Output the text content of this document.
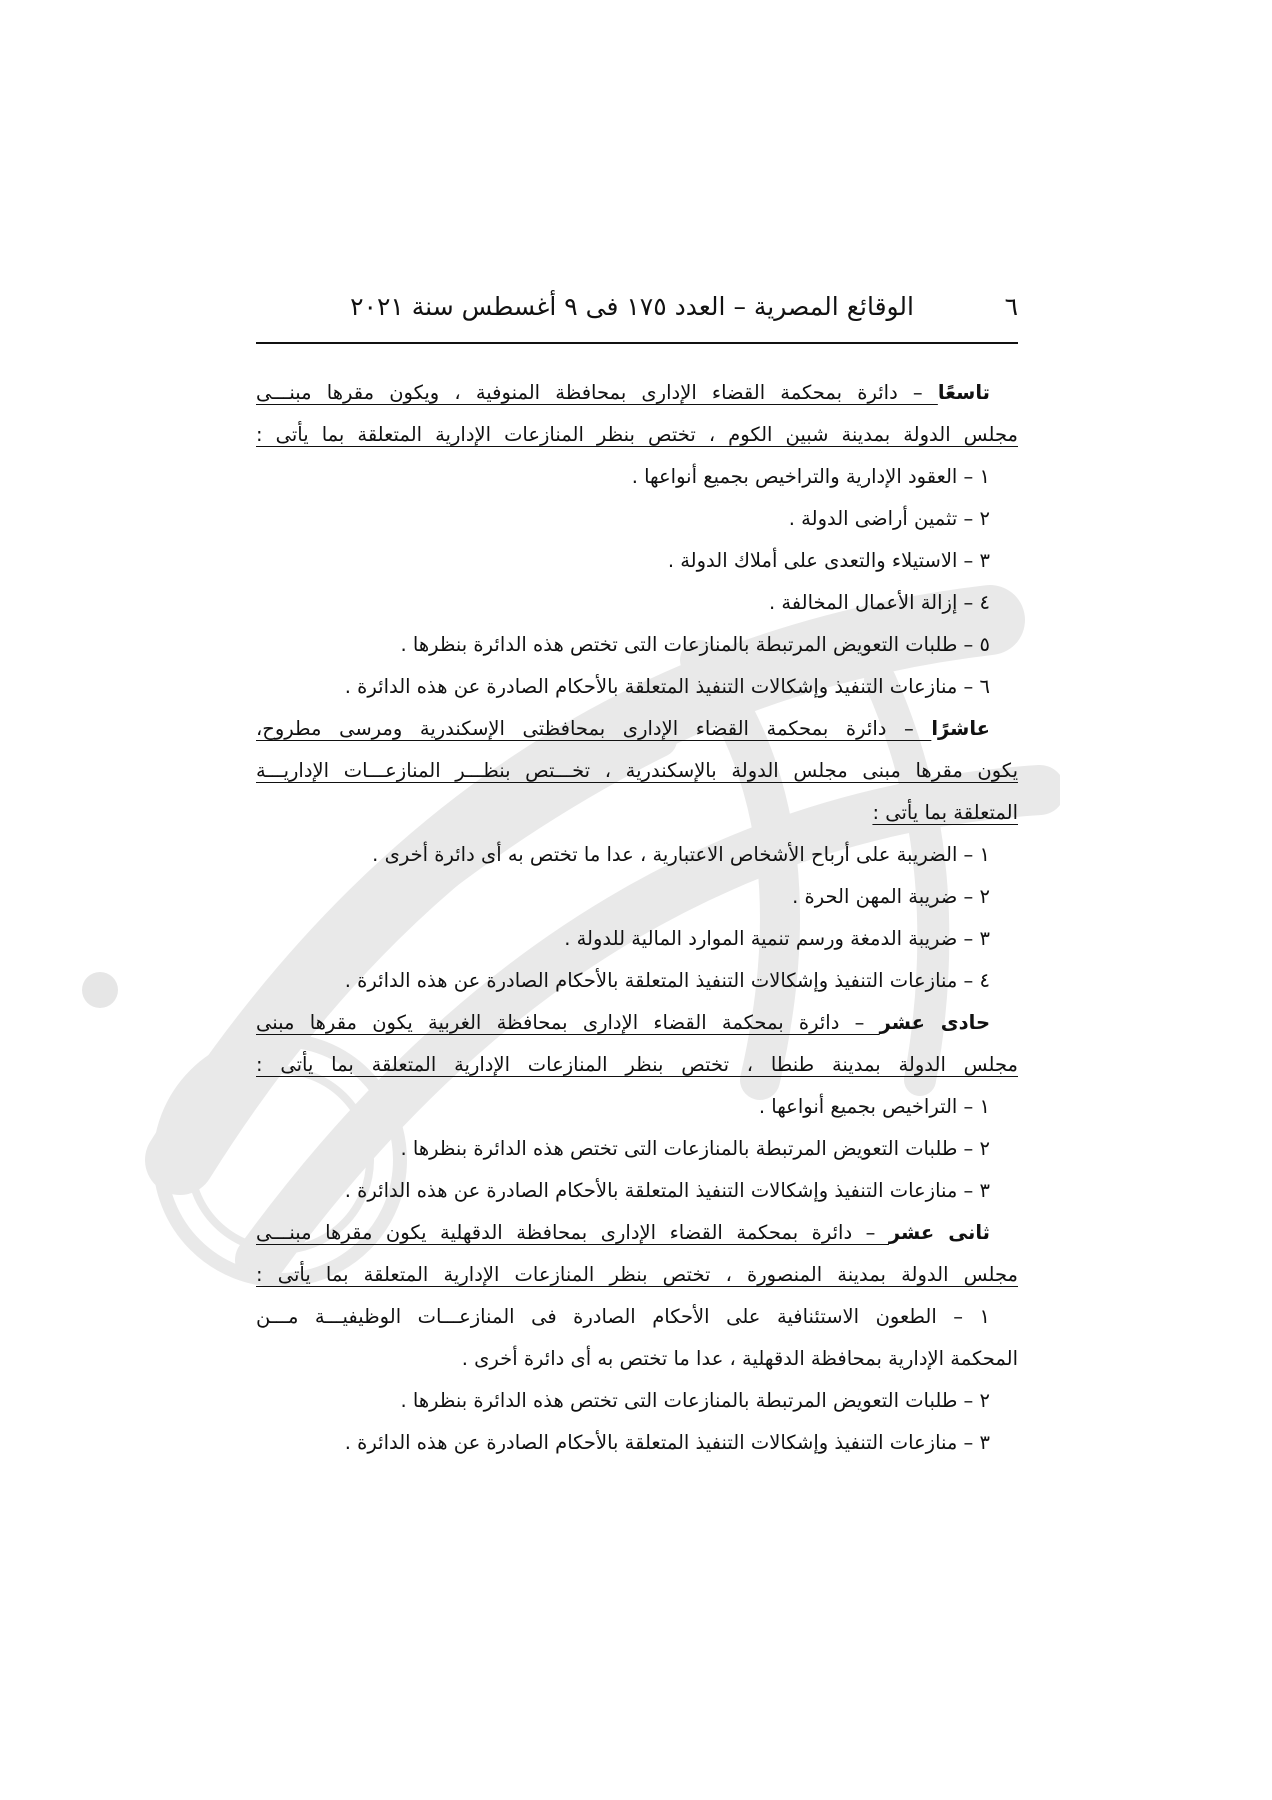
٦
الوقائع المصرية – العدد ١٧٥ فى ٩ أغسطس سنة ٢٠٢١
تاسعًا – دائرة بمحكمة القضاء الإدارى بمحافظة المنوفية ، ويكون مقرها مبنـــى
مجلس الدولة بمدينة شبين الكوم ، تختص بنظر المنازعات الإدارية المتعلقة بما يأتى :
١ – العقود الإدارية والتراخيص بجميع أنواعها .
٢ – تثمين أراضى الدولة .
٣ – الاستيلاء والتعدى على أملاك الدولة .
٤ – إزالة الأعمال المخالفة .
٥ – طلبات التعويض المرتبطة بالمنازعات التى تختص هذه الدائرة بنظرها .
٦ – منازعات التنفيذ وإشكالات التنفيذ المتعلقة بالأحكام الصادرة عن هذه الدائرة .
عاشرًا – دائرة بمحكمة القضاء الإدارى بمحافظتى الإسكندرية ومرسى مطروح،
يكون مقرها مبنى مجلس الدولة بالإسكندرية ، تخـــتص بنظـــر المنازعـــات الإداريـــة
المتعلقة بما يأتى :
١ – الضريبة على أرباح الأشخاص الاعتبارية ، عدا ما تختص به أى دائرة أخرى .
٢ – ضريبة المهن الحرة .
٣ – ضريبة الدمغة ورسم تنمية الموارد المالية للدولة .
٤ – منازعات التنفيذ وإشكالات التنفيذ المتعلقة بالأحكام الصادرة عن هذه الدائرة .
حادى عشر – دائرة بمحكمة القضاء الإدارى بمحافظة الغربية يكون مقرها مبنى
مجلس الدولة بمدينة طنطا ، تختص بنظر المنازعات الإدارية المتعلقة بما يأتى :
١ – التراخيص بجميع أنواعها .
٢ – طلبات التعويض المرتبطة بالمنازعات التى تختص هذه الدائرة بنظرها .
٣ – منازعات التنفيذ وإشكالات التنفيذ المتعلقة بالأحكام الصادرة عن هذه الدائرة .
ثانى عشر – دائرة بمحكمة القضاء الإدارى بمحافظة الدقهلية يكون مقرها مبنـــى
مجلس الدولة بمدينة المنصورة ، تختص بنظر المنازعات الإدارية المتعلقة بما يأتى :
١ – الطعون الاستئنافية على الأحكام الصادرة فى المنازعـــات الوظيفيـــة مـــن
المحكمة الإدارية بمحافظة الدقهلية ، عدا ما تختص به أى دائرة أخرى .
٢ – طلبات التعويض المرتبطة بالمنازعات التى تختص هذه الدائرة بنظرها .
٣ – منازعات التنفيذ وإشكالات التنفيذ المتعلقة بالأحكام الصادرة عن هذه الدائرة .
